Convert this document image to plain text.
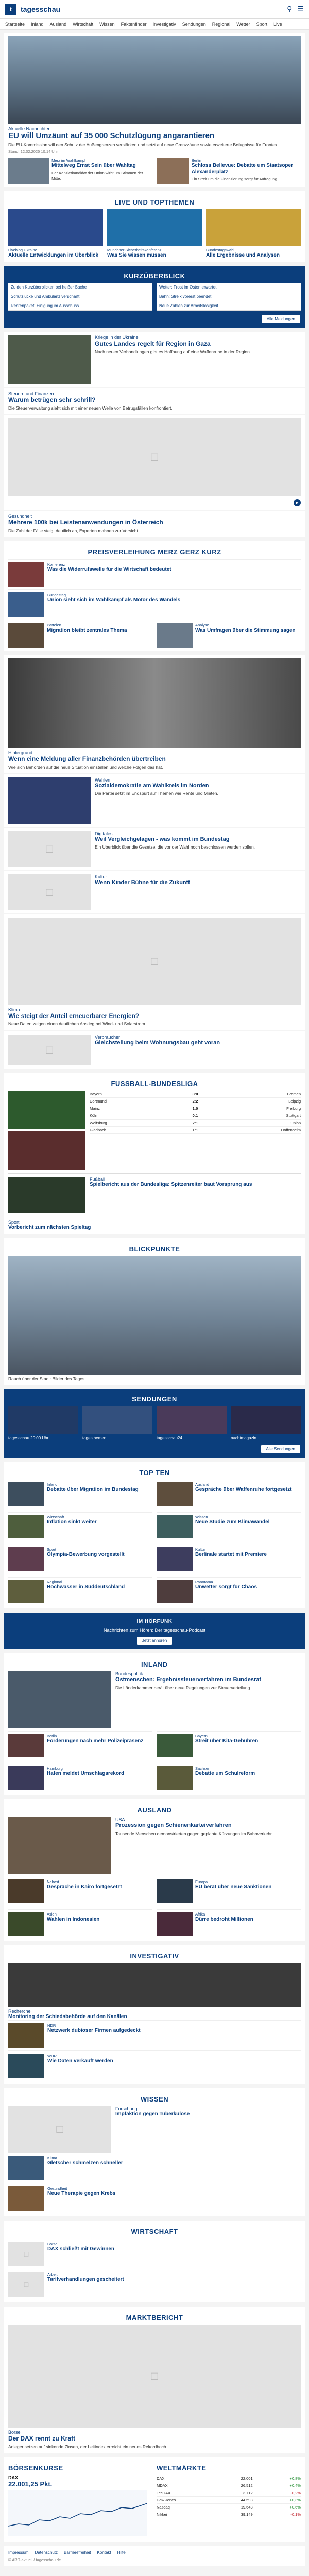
t	tagesschau	⚲ ☰
Startseite Inland Ausland Wirtschaft Wissen Faktenfinder Investigativ Sendungen Regional Wetter Sport Live
Aktuelle Nachrichten
EU will Umzäunt auf 35 000 Schutzlügung angarantieren
Die EU-Kommission will den Schutz der Außengrenzen verstärken und setzt auf neue Grenzzäune sowie erweiterte Befugnisse für Frontex.
Stand: 12.02.2025 10:14 Uhr
Merz im Wahlkampf
Mittelweg Ernst Sein über Wahltag
Der Kanzlerkandidat der Union wirbt um Stimmen der Mitte.
Berlin
Schloss Bellevue: Debatte um Staatsoper Alexanderplatz
Ein Streit um die Finanzierung sorgt für Aufregung.
LIVE UND TOPTHEMEN
Liveblog Ukraine
Aktuelle Entwicklungen im Überblick
Münchner Sicherheitskonferenz
Was Sie wissen müssen
Bundestagswahl
Alle Ergebnisse und Analysen
KURZÜBERBLICK
Zu den Kurzüberblicken bei heißer Sache
Schutzlücke und Ambulanz verschärft
Rentenpaket: Einigung im Ausschuss
Wetter: Frost im Osten erwartet
Bahn: Streik vorerst beendet
Neue Zahlen zur Arbeitslosigkeit
Alle Meldungen
Kriege in der Ukraine
Gutes Landes regelt für Region in Gaza
Nach neuen Verhandlungen gibt es Hoffnung auf eine Waffenruhe in der Region.
Steuern und Finanzen
Warum betrügen sehr schrill?
Die Steuerverwaltung sieht sich mit einer neuen Welle von Betrugsfällen konfrontiert.
□
▶
Gesundheit
Mehrere 100k bei Leistenanwendungen in Österreich
Die Zahl der Fälle steigt deutlich an, Experten mahnen zur Vorsicht.
PREISVERLEIHUNG MERZ GERZ KURZ
Konferenz
Was die Widerrufswelle für die Wirtschaft bedeutet
Bundestag
Union sieht sich im Wahlkampf als Motor des Wandels
Parteien
Migration bleibt zentrales Thema
Analyse
Was Umfragen über die Stimmung sagen
Hintergrund
Wenn eine Meldung aller Finanzbehörden übertreiben
Wie sich Behörden auf die neue Situation einstellen und welche Folgen das hat.
Wahlen
Sozialdemokratie am Wahlkreis im Norden
Die Partei setzt im Endspurt auf Themen wie Rente und Mieten.
□
Digitales
Weil Vergleichgelagen - was kommt im Bundestag
Ein Überblick über die Gesetze, die vor der Wahl noch beschlossen werden sollen.
□
Kultur
Wenn Kinder Bühne für die Zukunft
□
Klima
Wie steigt der Anteil erneuerbarer Energien?
Neue Daten zeigen einen deutlichen Anstieg bei Wind- und Solarstrom.
□
Verbraucher
Gleichstellung beim Wohnungsbau geht voran
FUSSBALL-BUNDESLIGA
Bayern	3:0	Bremen
Dortmund	2:2	Leipzig
Mainz	1:0	Freiburg
Köln	0:1	Stuttgart
Wolfsburg	2:1	Union
Gladbach	1:1	Hoffenheim
Fußball
Spielbericht aus der Bundesliga: Spitzenreiter baut Vorsprung aus
Sport
Vorbericht zum nächsten Spieltag
BLICKPUNKTE
Rauch über der Stadt: Bilder des Tages
SENDUNGEN
tagesschau 20:00 Uhr	tagesthemen	tagesschau24	nachtmagazin
Alle Sendungen
TOP TEN
Inland
Debatte über Migration im Bundestag
Ausland
Gespräche über Waffenruhe fortgesetzt
Wirtschaft
Inflation sinkt weiter
Wissen
Neue Studie zum Klimawandel
Sport
Olympia-Bewerbung vorgestellt
Kultur
Berlinale startet mit Premiere
Regional
Hochwasser in Süddeutschland
Panorama
Unwetter sorgt für Chaos
IM HÖRFUNK
Nachrichten zum Hören: Der tagesschau-Podcast
Jetzt anhören
INLAND
Bundespolitik
Ostmenschen: Ergebnissteuerverfahren im Bundesrat
Die Länderkammer berät über neue Regelungen zur Steuerverteilung.
Berlin
Forderungen nach mehr Polizeipräsenz
Bayern
Streit über Kita-Gebühren
Hamburg
Hafen meldet Umschlagsrekord
Sachsen
Debatte um Schulreform
AUSLAND
USA
Prozession gegen Schienenkarteiverfahren
Tausende Menschen demonstrierten gegen geplante Kürzungen im Bahnverkehr.
Nahost
Gespräche in Kairo fortgesetzt
Europa
EU berät über neue Sanktionen
Asien
Wahlen in Indonesien
Afrika
Dürre bedroht Millionen
INVESTIGATIV
Recherche
Monitoring der Schiedsbehörde auf den Kanälen
NDR
Netzwerk dubioser Firmen aufgedeckt
WDR
Wie Daten verkauft werden
WISSEN
□
Forschung
Impfaktion gegen Tuberkulose
Klima
Gletscher schmelzen schneller
Gesundheit
Neue Therapie gegen Krebs
WIRTSCHAFT
□
Börse
DAX schließt mit Gewinnen
□
Arbeit
Tarifverhandlungen gescheitert
MARKTBERICHT
□
Börse
Der DAX rennt zu Kraft
Anleger setzen auf sinkende Zinsen, der Leitindex erreicht ein neues Rekordhoch.
BÖRSENKURSE
DAX
22.001,25 Pkt.
WELTMÄRKTE
DAX	22.001	+0,8%
MDAX	26.512	+0,4%
TecDAX	3.712	-0,2%
Dow Jones	44.593	+0,3%
Nasdaq	19.643	+0,6%
Nikkei	39.149	-0,1%
Impressum Datenschutz Barrierefreiheit Kontakt Hilfe
© ARD-aktuell / tagesschau.de
